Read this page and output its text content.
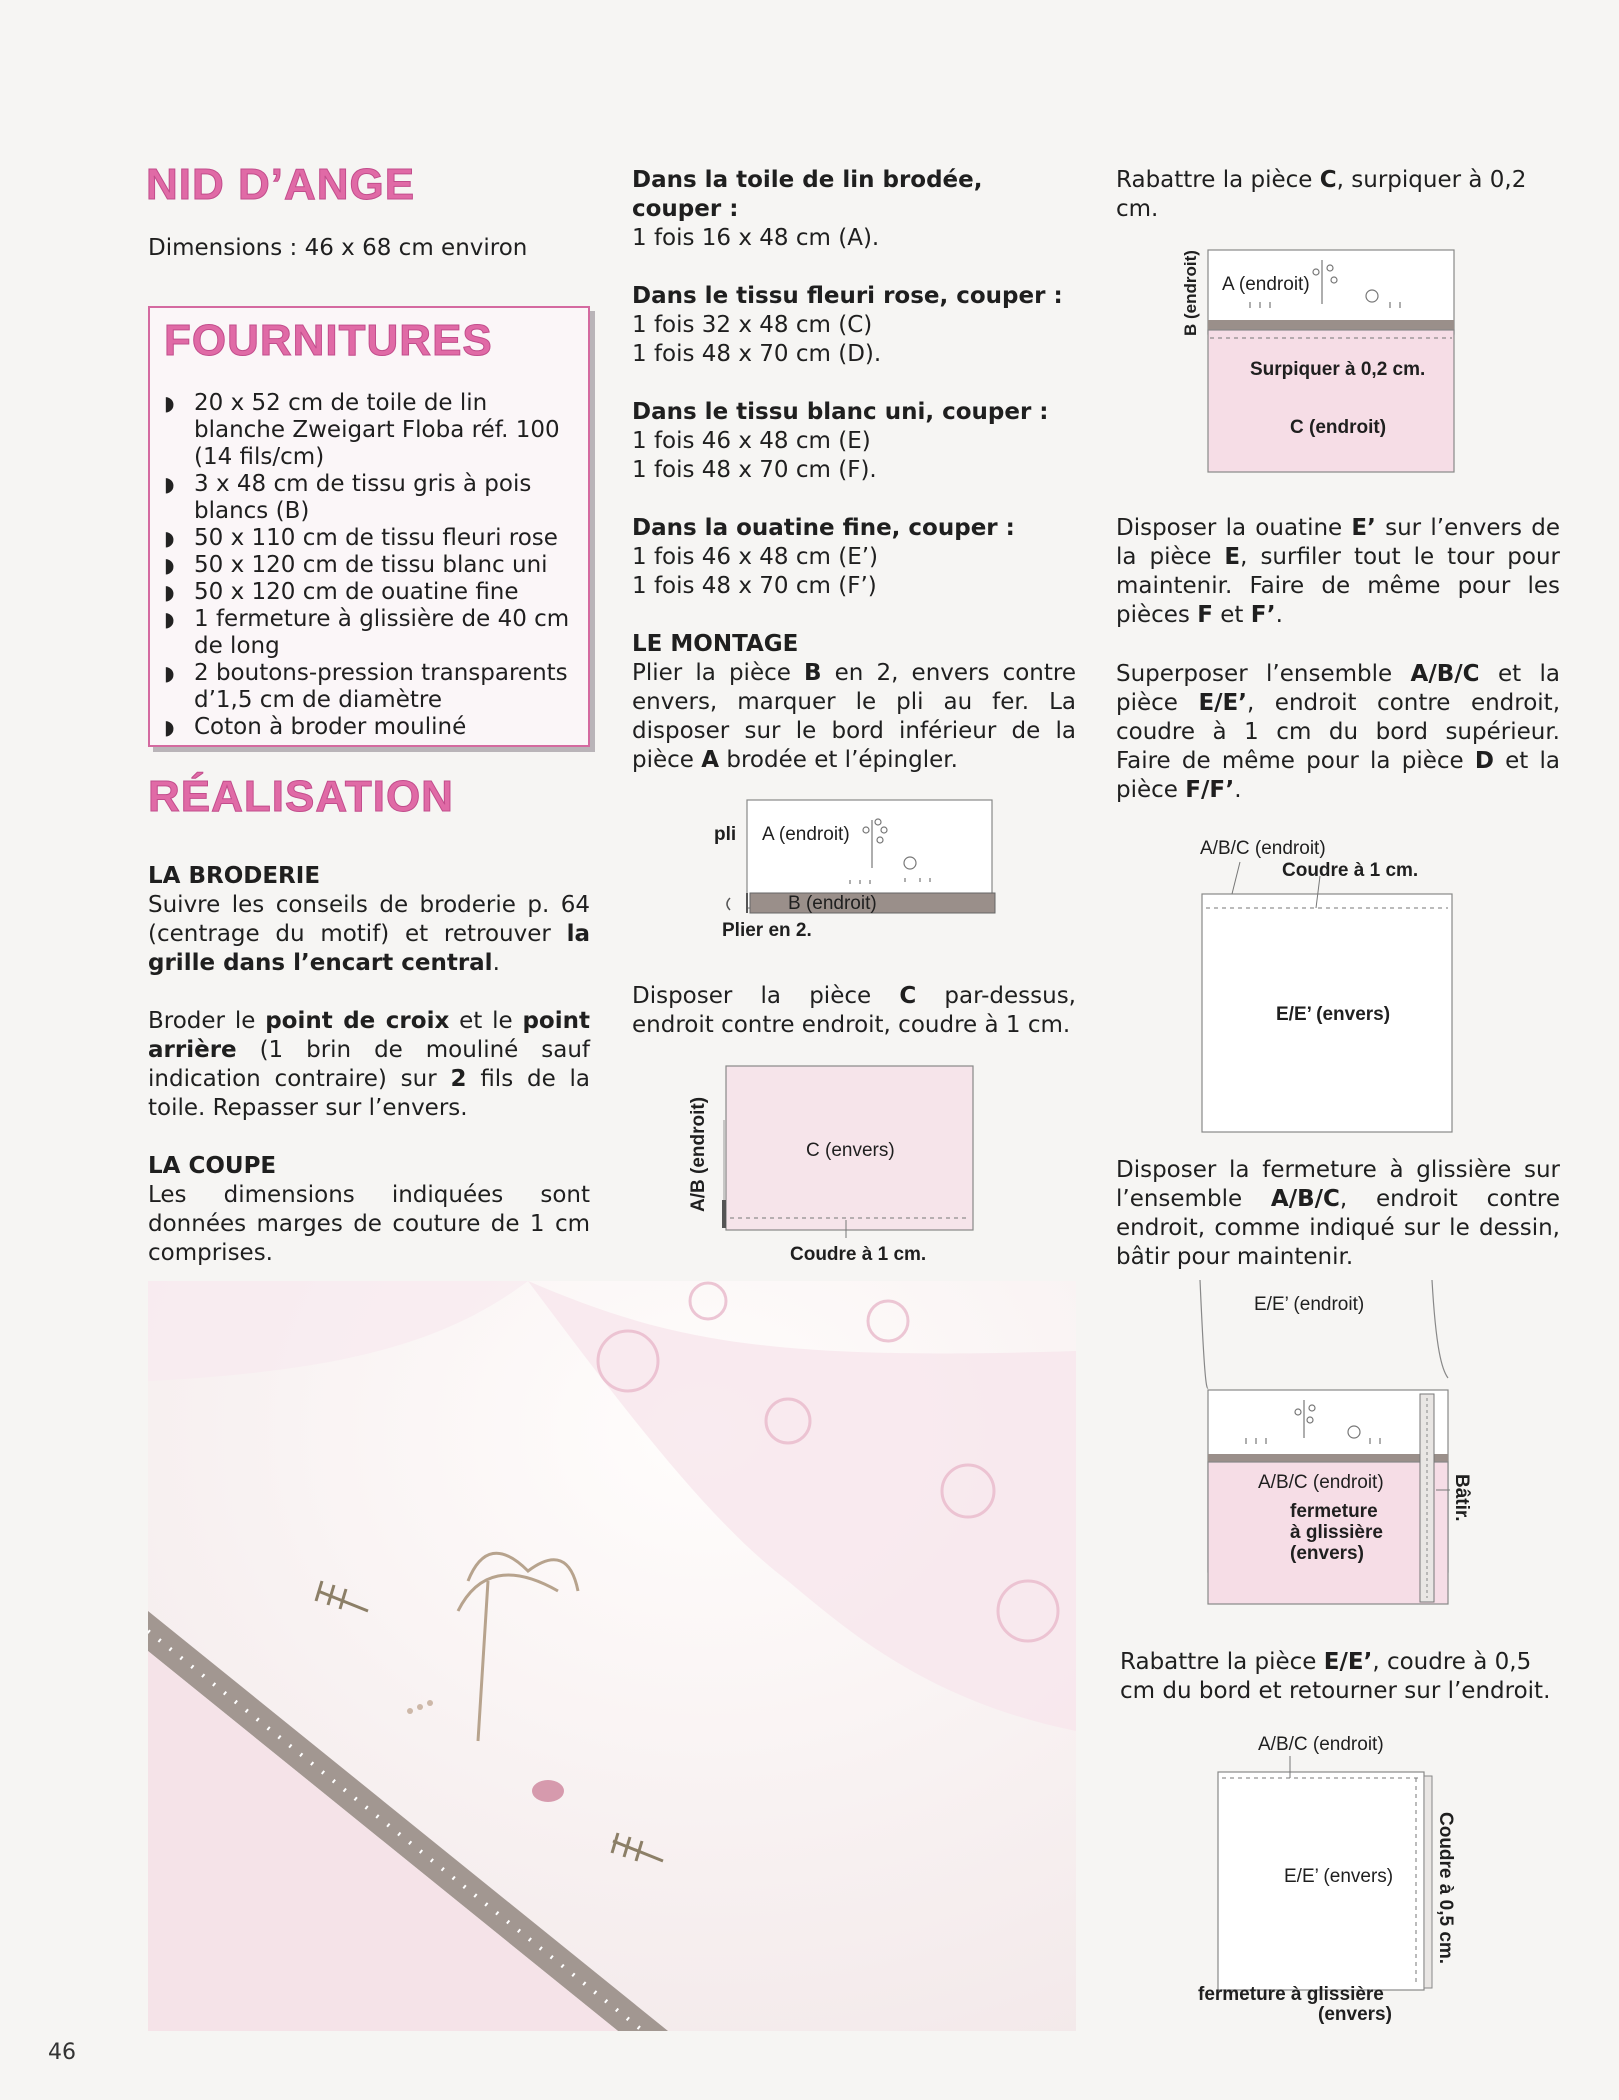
NID D’ANGE
Dimensions : 46 x 68 cm environ
FOURNITURES
◗ 20 x 52 cm de toile de lin blanche Zweigart Floba réf. 100 (14 fils/cm)
◗ 3 x 48 cm de tissu gris à pois blancs (B)
◗ 50 x 110 cm de tissu fleuri rose
◗ 50 x 120 cm de tissu blanc uni
◗ 50 x 120 cm de ouatine fine
◗ 1 fermeture à glissière de 40 cm de long
◗ 2 boutons-pression transparents d’1,5 cm de diamètre
◗ Coton à broder mouliné
RÉALISATION
LA BRODERIE

Suivre les conseils de broderie p. 64 (centrage du motif) et retrouver la grille dans l’encart central.

Broder le point de croix et le point arrière (1 brin de mouliné sauf indication contraire) sur 2 fils de la toile. Repasser sur l’envers.

LA COUPE

Les dimensions indiquées sont données marges de couture de 1 cm comprises.

Dans la toile de lin brodée, couper :
1 fois 16 x 48 cm (A).
Dans le tissu fleuri rose, couper :
1 fois 32 x 48 cm (C)
1 fois 48 x 70 cm (D).
Dans le tissu blanc uni, couper :
1 fois 46 x 48 cm (E)
1 fois 48 x 70 cm (F).
Dans la ouatine fine, couper :
1 fois 46 x 48 cm (E’)
1 fois 48 x 70 cm (F’)
LE MONTAGE

Plier la pièce B en 2, envers contre envers, marquer le pli au fer. La disposer sur le bord inférieur de la pièce A brodée et l’épingler.

pli A (endroit)
B (endroit)
Plier en 2.

Disposer la pièce C par-dessus, endroit contre endroit, coudre à 1 cm.

C (envers)
A/B (endroit)
Coudre à 1 cm.

Rabattre la pièce C, surpiquer à 0,2 cm.

A (endroit)
B (endroit)
Surpiquer à 0,2 cm.
C (endroit)

Disposer la ouatine E’ sur l’envers de la pièce E, surfiler tout le tour pour maintenir. Faire de même pour les pièces F et F’.

Superposer l’ensemble A/B/C et la pièce E/E’, endroit contre endroit, coudre à 1 cm du bord supérieur. Faire de même pour la pièce D et la pièce F/F’.

A/B/C (endroit)
Coudre à 1 cm.
E/E’ (envers)

Disposer la fermeture à glissière sur l’ensemble A/B/C, endroit contre endroit, comme indiqué sur le dessin, bâtir pour maintenir.

E/E’ (endroit)
A/B/C (endroit)
fermeture
à glissière
(envers)
Bâtir.

Rabattre la pièce E/E’, coudre à 0,5 cm du bord et retourner sur l’endroit.

A/B/C (endroit)
E/E’ (envers) Coudre à 0,5 cm.
fermeture à glissière
(envers)
46
